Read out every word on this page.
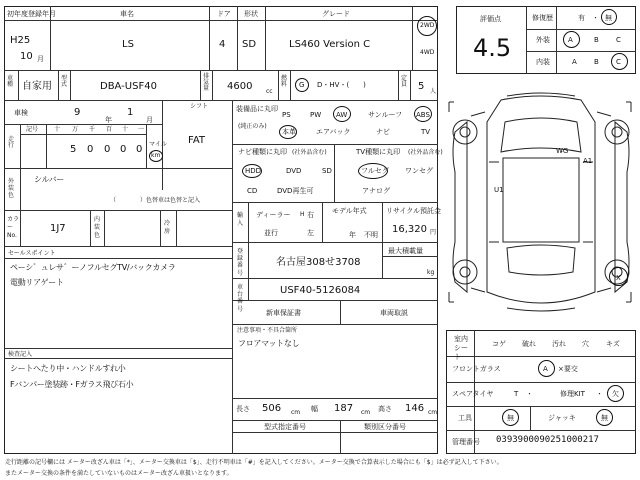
初年度登録年月	車名	ドア 形状	グレード
H25
10 月
LS	4 SD	LS460 Version C
2WD
4WD
車種 自家用
型式	DBA-USF40
排気量 4600 cc
燃料 G D・HV・(　　)
定員 5 人
車検	9
年
1
月
シフト
FAT
走行
記号	十 万 千 百 十 一
5 0 0 0 0 マイル
km
装備品に丸印
(純正のみ)
PS	PW AW	サンルーフ ABS
本革	エアバック	ナビ	TV
ナビ種類に丸印 (社外品含む)
HDD	DVD	SD
CD	DVD再生可
TV種類に丸印 (社外品含む)
フルセグ ワンセグ
アナログ
外装色
シルバー
（　　　　）色替車は色替と記入
カラーNo.
1J7
内装色
冷房
輸入
ディーラー
並行
H 右
左
モデル年式
年 不明
リサイクル預託金
16,320 円
セールスポイント
ペーシ゛ュレサ゛ーノフルセグTV/バックカメラ
電動リアゲート
検査記入
シートへたり中・ハンドルすれ小
Fバンパー塗装跡・Fガラス飛び石小
登録番号
名古屋308せ3708
最大積載量
kg
車台番号
USF40-5126084
新車保証書	車両取説
注意事項・不具合箇所
フロアマットなし
長さ 506 cm 幅 187 cm 高さ 146 cm
型式指定番号	類別区分番号
評価点
4.5
修復歴	有 ・ 無
外装	A	B C
内装	A B C
U1
A1
W̵G
X
室内シート
コゲ 破れ 汚れ 穴 キズ
フロントガラス	A ×要交
スペアタイヤ	T ・	修理KIT ・ 欠
工具	無	ジャッキ	無
管理番号 0393900090251000217
走行距離の記号欄には メーター改ざん車は「*」、メーター交換車は「$」、走行不明車は「#」を記入してください。メーター交換で合算表示した場合にも「$」は必ず記入して下さい。
またメーター交換の条件を満たしていないものはメーター改ざん車扱いとなります。
